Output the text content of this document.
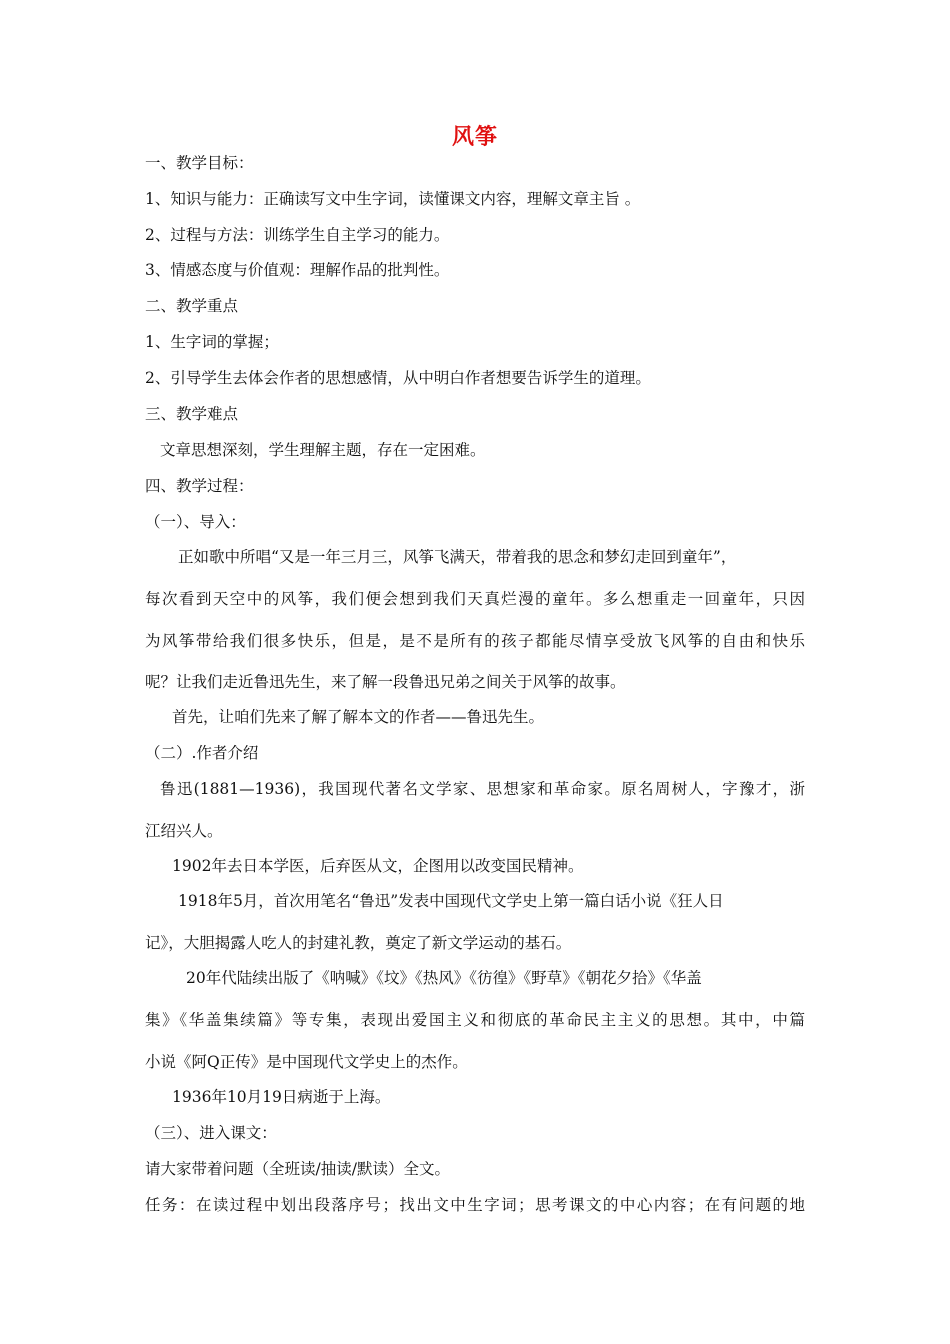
风筝
一、教学目标：
1、知识与能力：正确读写文中生字词，读懂课文内容，理解文章主旨 。
2、过程与方法：训练学生自主学习的能力。
3、情感态度与价值观：理解作品的批判性。
二、教学重点
1、生字词的掌握；
2、引导学生去体会作者的思想感情，从中明白作者想要告诉学生的道理。
三、教学难点
文章思想深刻，学生理解主题，存在一定困难。
四、教学过程：
（一）、导入：
正如歌中所唱“又是一年三月三，风筝飞满天，带着我的思念和梦幻走回到童年”，
每次看到天空中的风筝，我们便会想到我们天真烂漫的童年。多么想重走一回童年，只因
为风筝带给我们很多快乐，但是，是不是所有的孩子都能尽情享受放飞风筝的自由和快乐
呢？让我们走近鲁迅先生，来了解一段鲁迅兄弟之间关于风筝的故事。
首先，让咱们先来了解了解本文的作者——鲁迅先生。
（二）.作者介绍
鲁迅(1881—1936)，我国现代著名文学家、思想家和革命家。原名周树人，字豫才，浙
江绍兴人。
1902年去日本学医，后弃医从文，企图用以改变国民精神。
1918年5月，首次用笔名“鲁迅”发表中国现代文学史上第一篇白话小说《狂人日
记》，大胆揭露人吃人的封建礼教，奠定了新文学运动的基石。
20年代陆续出版了《呐喊》《坟》《热风》《彷徨》《野草》《朝花夕拾》《华盖
集》《华盖集续篇》等专集，表现出爱国主义和彻底的革命民主主义的思想。其中，中篇
小说《阿Q正传》是中国现代文学史上的杰作。
1936年10月19日病逝于上海。
（三）、进入课文：
请大家带着问题（全班读/抽读/默读）全文。
任务：在读过程中划出段落序号；找出文中生字词；思考课文的中心内容；在有问题的地
